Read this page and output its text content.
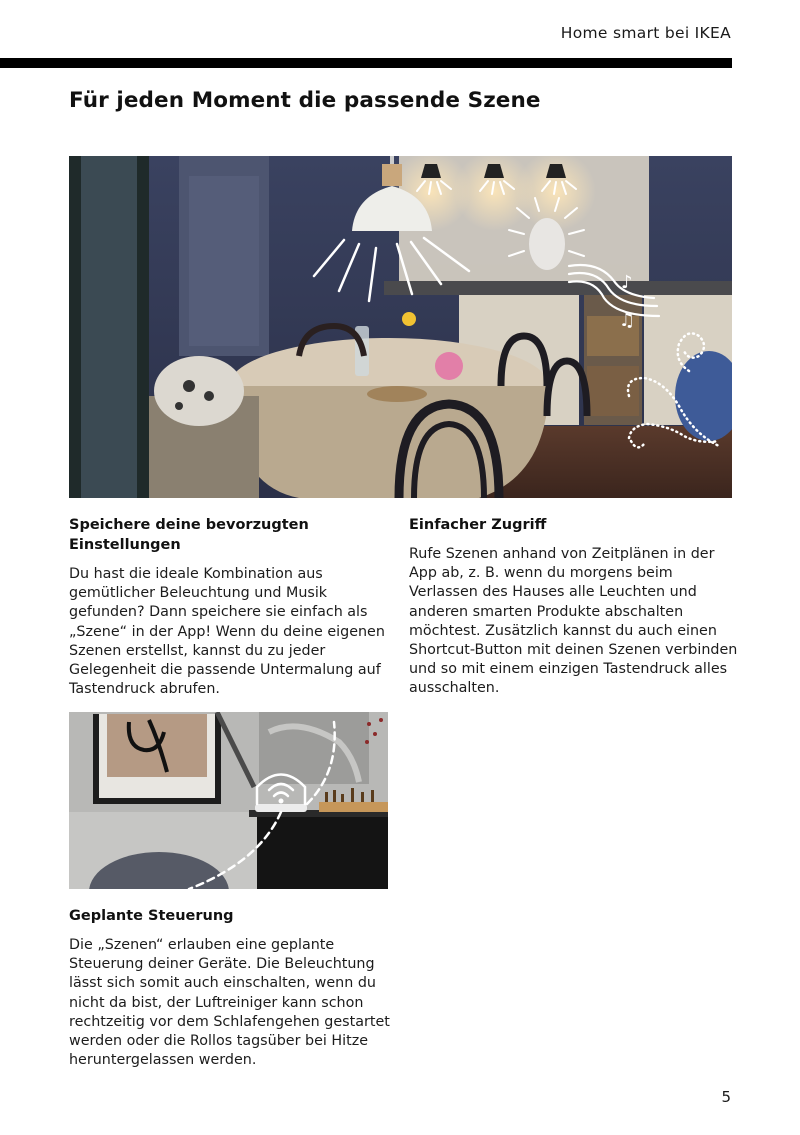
Home smart bei IKEA
Für jeden Moment die passende Szene
♪
♫
Speichere deine bevorzugten Einstellungen

Du hast die ideale Kombination aus gemütlicher Beleuchtung und Musik gefunden? Dann speichere sie einfach als „Szene“ in der App! Wenn du deine eigenen Szenen erstellst, kannst du zu jeder Gelegenheit die passende Untermalung auf Tastendruck abrufen.

Einfacher Zugriff

Rufe Szenen anhand von Zeitplänen in der App ab, z. B. wenn du morgens beim Verlassen des Hauses alle Leuchten und anderen smarten Produkte abschalten möchtest. Zusätzlich kannst du auch einen Shortcut-Button mit deinen Szenen verbinden und so mit einem einzigen Tastendruck alles ausschalten.

Geplante Steuerung

Die „Szenen“ erlauben eine geplante Steuerung deiner Geräte. Die Beleuchtung lässt sich somit auch einschalten, wenn du nicht da bist, der Luftreiniger kann schon rechtzeitig vor dem Schlafengehen gestartet werden oder die Rollos tagsüber bei Hitze heruntergelassen werden.

5
